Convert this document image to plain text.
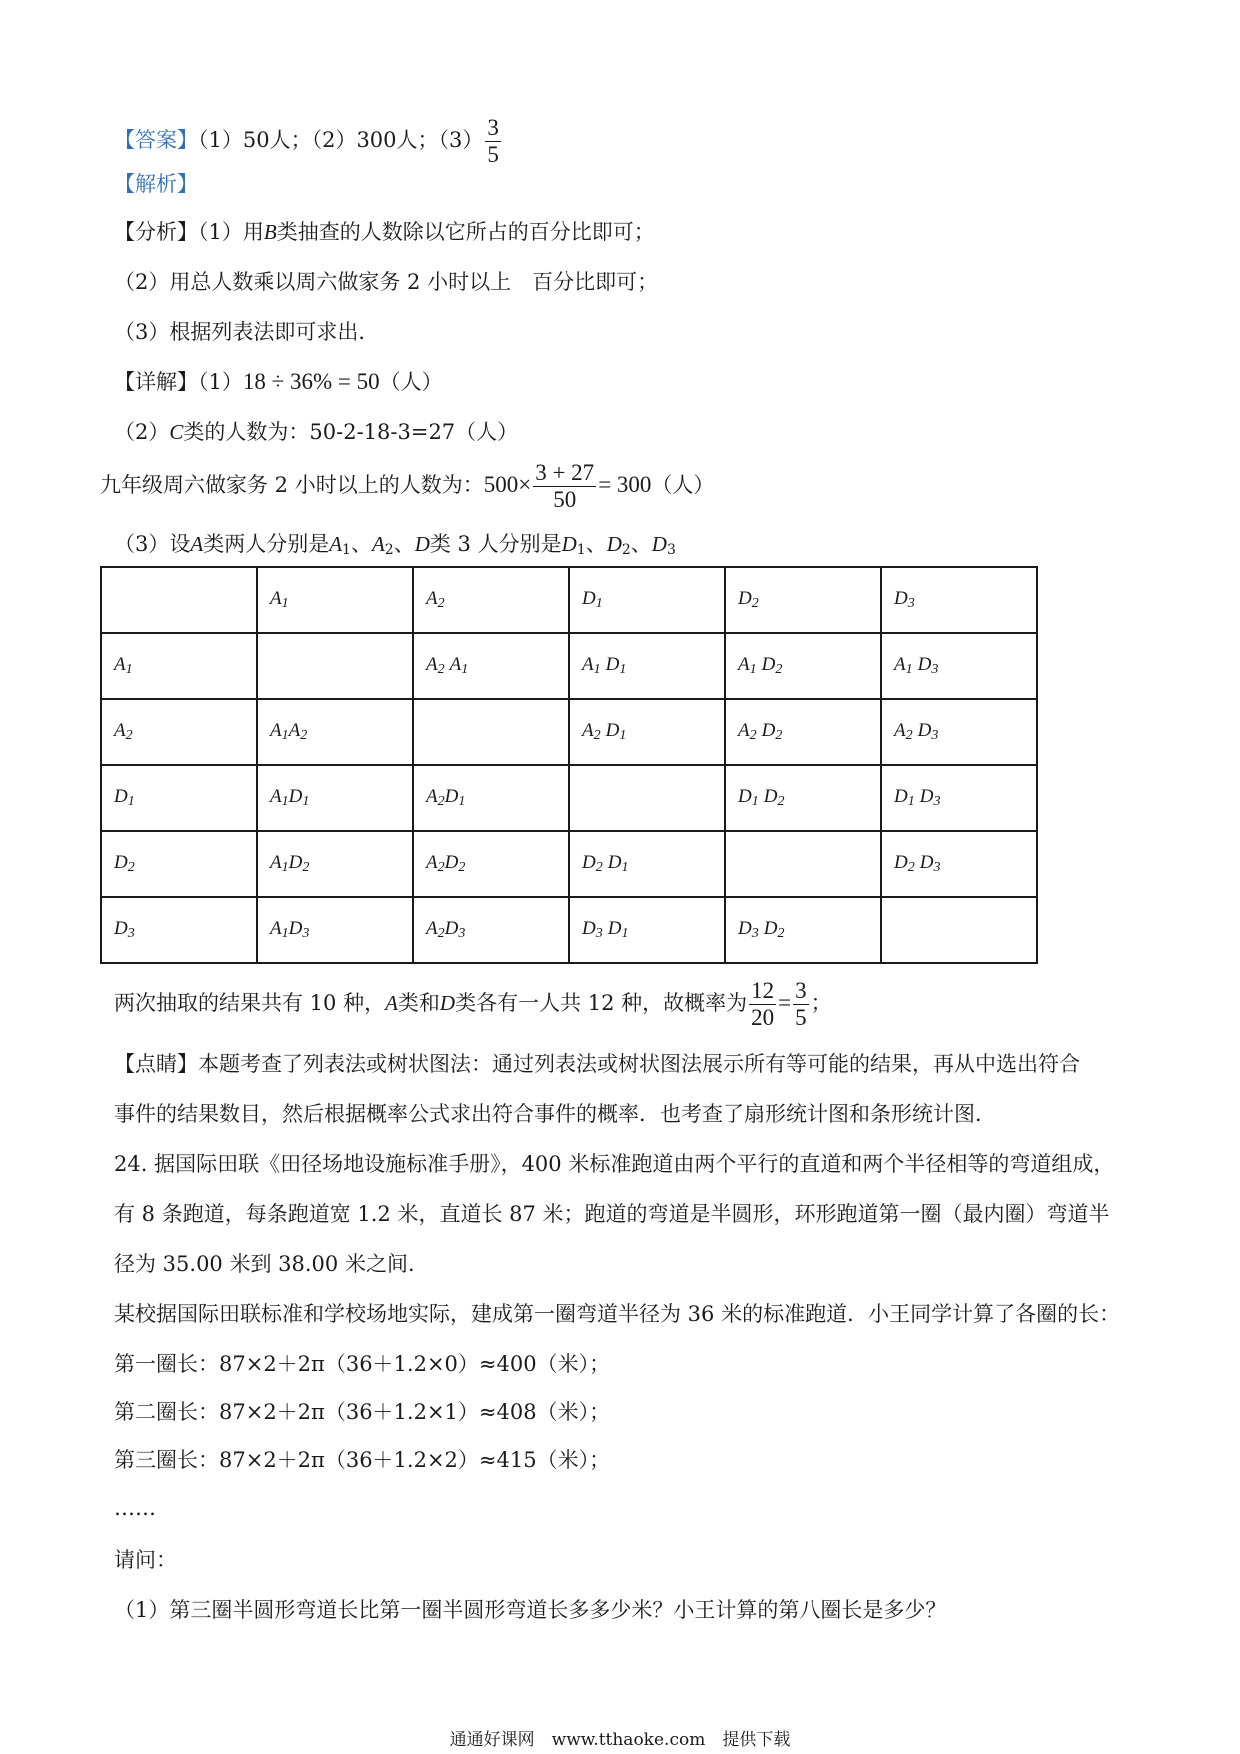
【答案】（1）50人；（2）300人；$(3) \frac{3}{5}$
【解析】
【分析】（1）用B类抽查的人数除以它所占的百分比即可；
（2）用总人数乘以周六做家务 2 小时以上　百分比即可；
（3）根据列表法即可求出．
【详解】（1）18 ÷ 36% = 50（人）
（2）C类的人数为：50-2-18-3=27（人）
九年级周六做家务 2 小时以上的人数为：$500\times \frac{3 + 27}{50} = 300$（人）
（3）设A类两人分别是$A_1$、$A_2$、D类 3 人分别是$D_1$、$D_2$、$D_3$
	$A_1$	$A_2$	$D_1$	$D_2$	$D_3$
$A_1$		$A_2$ $A_1$	$A_1$ $D_1$	$A_1$ $D_2$	$A_1$ $D_3$
$A_2$	$A_1A_2$		$A_2$ $D_1$	$A_2$ $D_2$	$A_2$ $D_3$
$D_1$	$A_1D_1$	$A_2D_1$		$D_1$ $D_2$	$D_1$ $D_3$
$D_2$	$A_1D_2$	$A_2D_2$	$D_2$ $D_1$		$D_2$ $D_3$
$D_3$	$A_1D_3$	$A_2D_3$	$D_3$ $D_1$	$D_3$ $D_2$	
两次抽取的结果共有 10 种，A类和D类各有一人共 12 种，故概率为 $\frac{12}{20} = \frac{3}{5}$ ；
【点睛】本题考查了列表法或树状图法：通过列表法或树状图法展示所有等可能的结果，再从中选出符合
事件的结果数目，然后根据概率公式求出符合事件的概率．也考查了扇形统计图和条形统计图．
24. 据国际田联《田径场地设施标准手册》，400 米标准跑道由两个平行的直道和两个半径相等的弯道组成，
有 8 条跑道，每条跑道宽 1.2 米，直道长 87 米；跑道的弯道是半圆形，环形跑道第一圈（最内圈）弯道半
径为 35.00 米到 38.00 米之间．
某校据国际田联标准和学校场地实际，建成第一圈弯道半径为 36 米的标准跑道．小王同学计算了各圈的长：
第一圈长：87×2＋2π（36＋1.2×0）≈400（米）；
第二圈长：87×2＋2π（36＋1.2×1）≈408（米）；
第三圈长：87×2＋2π（36＋1.2×2）≈415（米）；
……
请问：
（1）第三圈半圆形弯道长比第一圈半圆形弯道长多多少米？小王计算的第八圈长是多少？
通通好课网　www.tthaoke.com　提供下载
